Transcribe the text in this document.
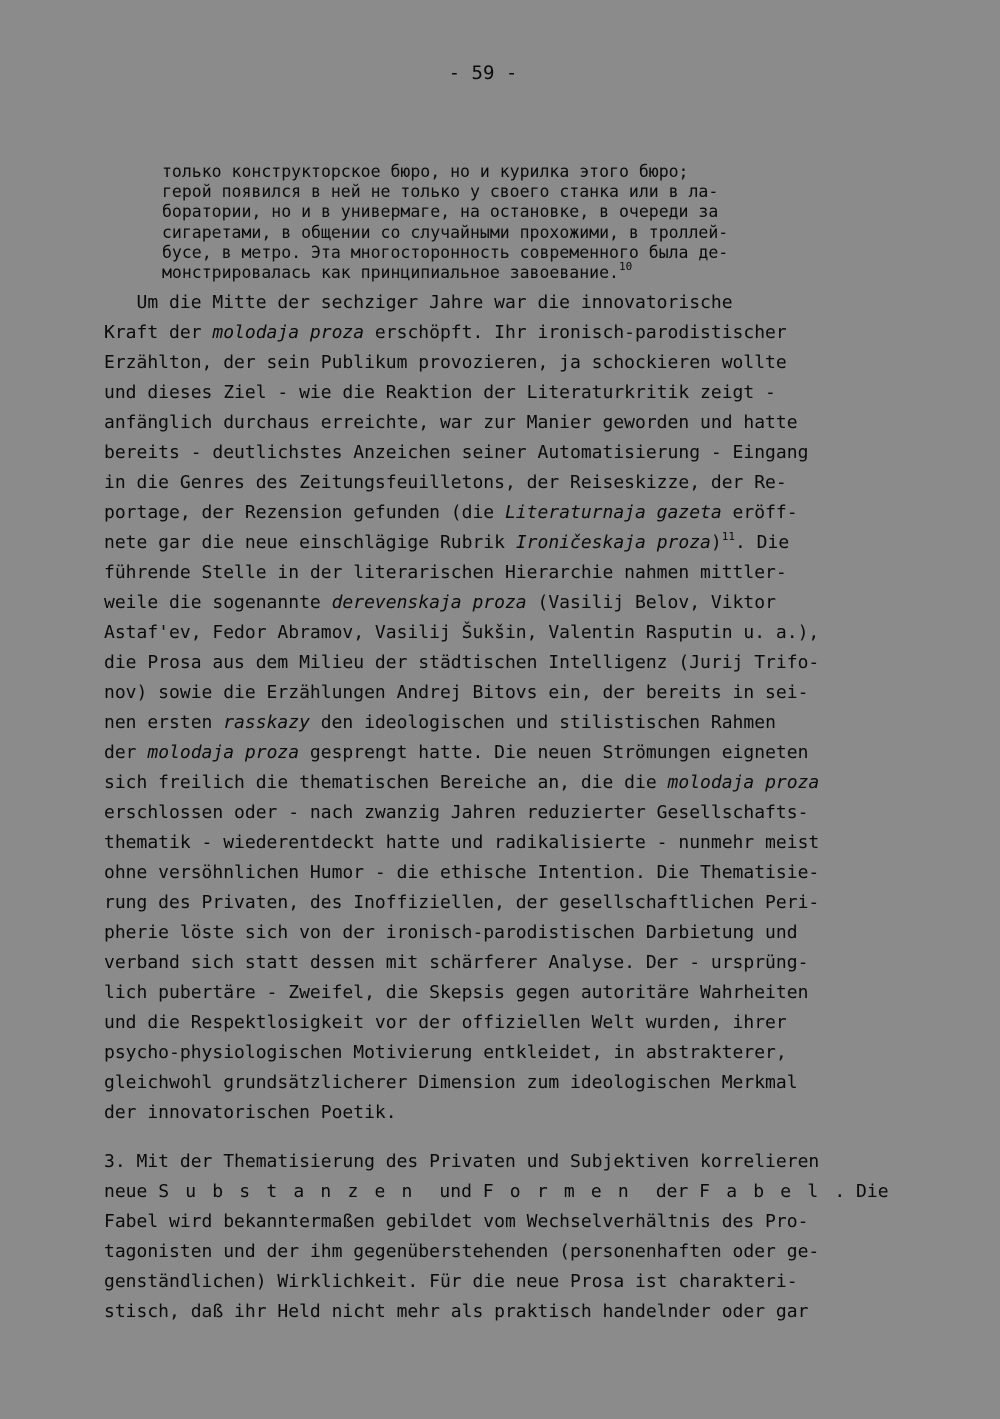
- 59 -
только конструкторское бюро, но и курилка этого бюро;
герой появился в ней не только у своего станка или в ла-
боратории, но и в универмаге, на остановке, в очереди за
сигаретами, в общении со случайными прохожими, в троллей-
бусе, в метро. Эта многосторонность современного была де-
монстрировалась как принципиальное завоевание.$^{10}$
Um die Mitte der sechziger Jahre war die innovatorische
Kraft der molodaja proza erschöpft. Ihr ironisch-parodistischer
Erzählton, der sein Publikum provozieren, ja schockieren wollte
und dieses Ziel - wie die Reaktion der Literaturkritik zeigt -
anfänglich durchaus erreichte, war zur Manier geworden und hatte
bereits - deutlichstes Anzeichen seiner Automatisierung - Eingang
in die Genres des Zeitungsfeuilletons, der Reiseskizze, der Re-
portage, der Rezension gefunden (die Literaturnaja gazeta eröff-
nete gar die neue einschlägige Rubrik Ironičeskaja proza)$^{11}$. Die
führende Stelle in der literarischen Hierarchie nahmen mittler-
weile die sogenannte derevenskaja proza (Vasilij Belov, Viktor
Astaf'ev, Fedor Abramov, Vasilij Šukšin, Valentin Rasputin u. a.),
die Prosa aus dem Milieu der städtischen Intelligenz (Jurij Trifo-
nov) sowie die Erzählungen Andrej Bitovs ein, der bereits in sei-
nen ersten rasskazy den ideologischen und stilistischen Rahmen
der molodaja proza gesprengt hatte. Die neuen Strömungen eigneten
sich freilich die thematischen Bereiche an, die die molodaja proza
erschlossen oder - nach zwanzig Jahren reduzierter Gesellschafts-
thematik - wiederentdeckt hatte und radikalisierte - nunmehr meist
ohne versöhnlichen Humor - die ethische Intention. Die Thematisie-
rung des Privaten, des Inoffiziellen, der gesellschaftlichen Peri-
pherie löste sich von der ironisch-parodistischen Darbietung und
verband sich statt dessen mit schärferer Analyse. Der - ursprüng-
lich pubertäre - Zweifel, die Skepsis gegen autoritäre Wahrheiten
und die Respektlosigkeit vor der offiziellen Welt wurden, ihrer
psycho-physiologischen Motivierung entkleidet, in abstrakterer,
gleichwohl grundsätzlicherer Dimension zum ideologischen Merkmal
der innovatorischen Poetik.
3. Mit der Thematisierung des Privaten und Subjektiven korrelieren
neue Substanzen und Formen der Fabel. Die
Fabel wird bekanntermaßen gebildet vom Wechselverhältnis des Pro-
tagonisten und der ihm gegenüberstehenden (personenhaften oder ge-
genständlichen) Wirklichkeit. Für die neue Prosa ist charakteri-
stisch, daß ihr Held nicht mehr als praktisch handelnder oder gar
